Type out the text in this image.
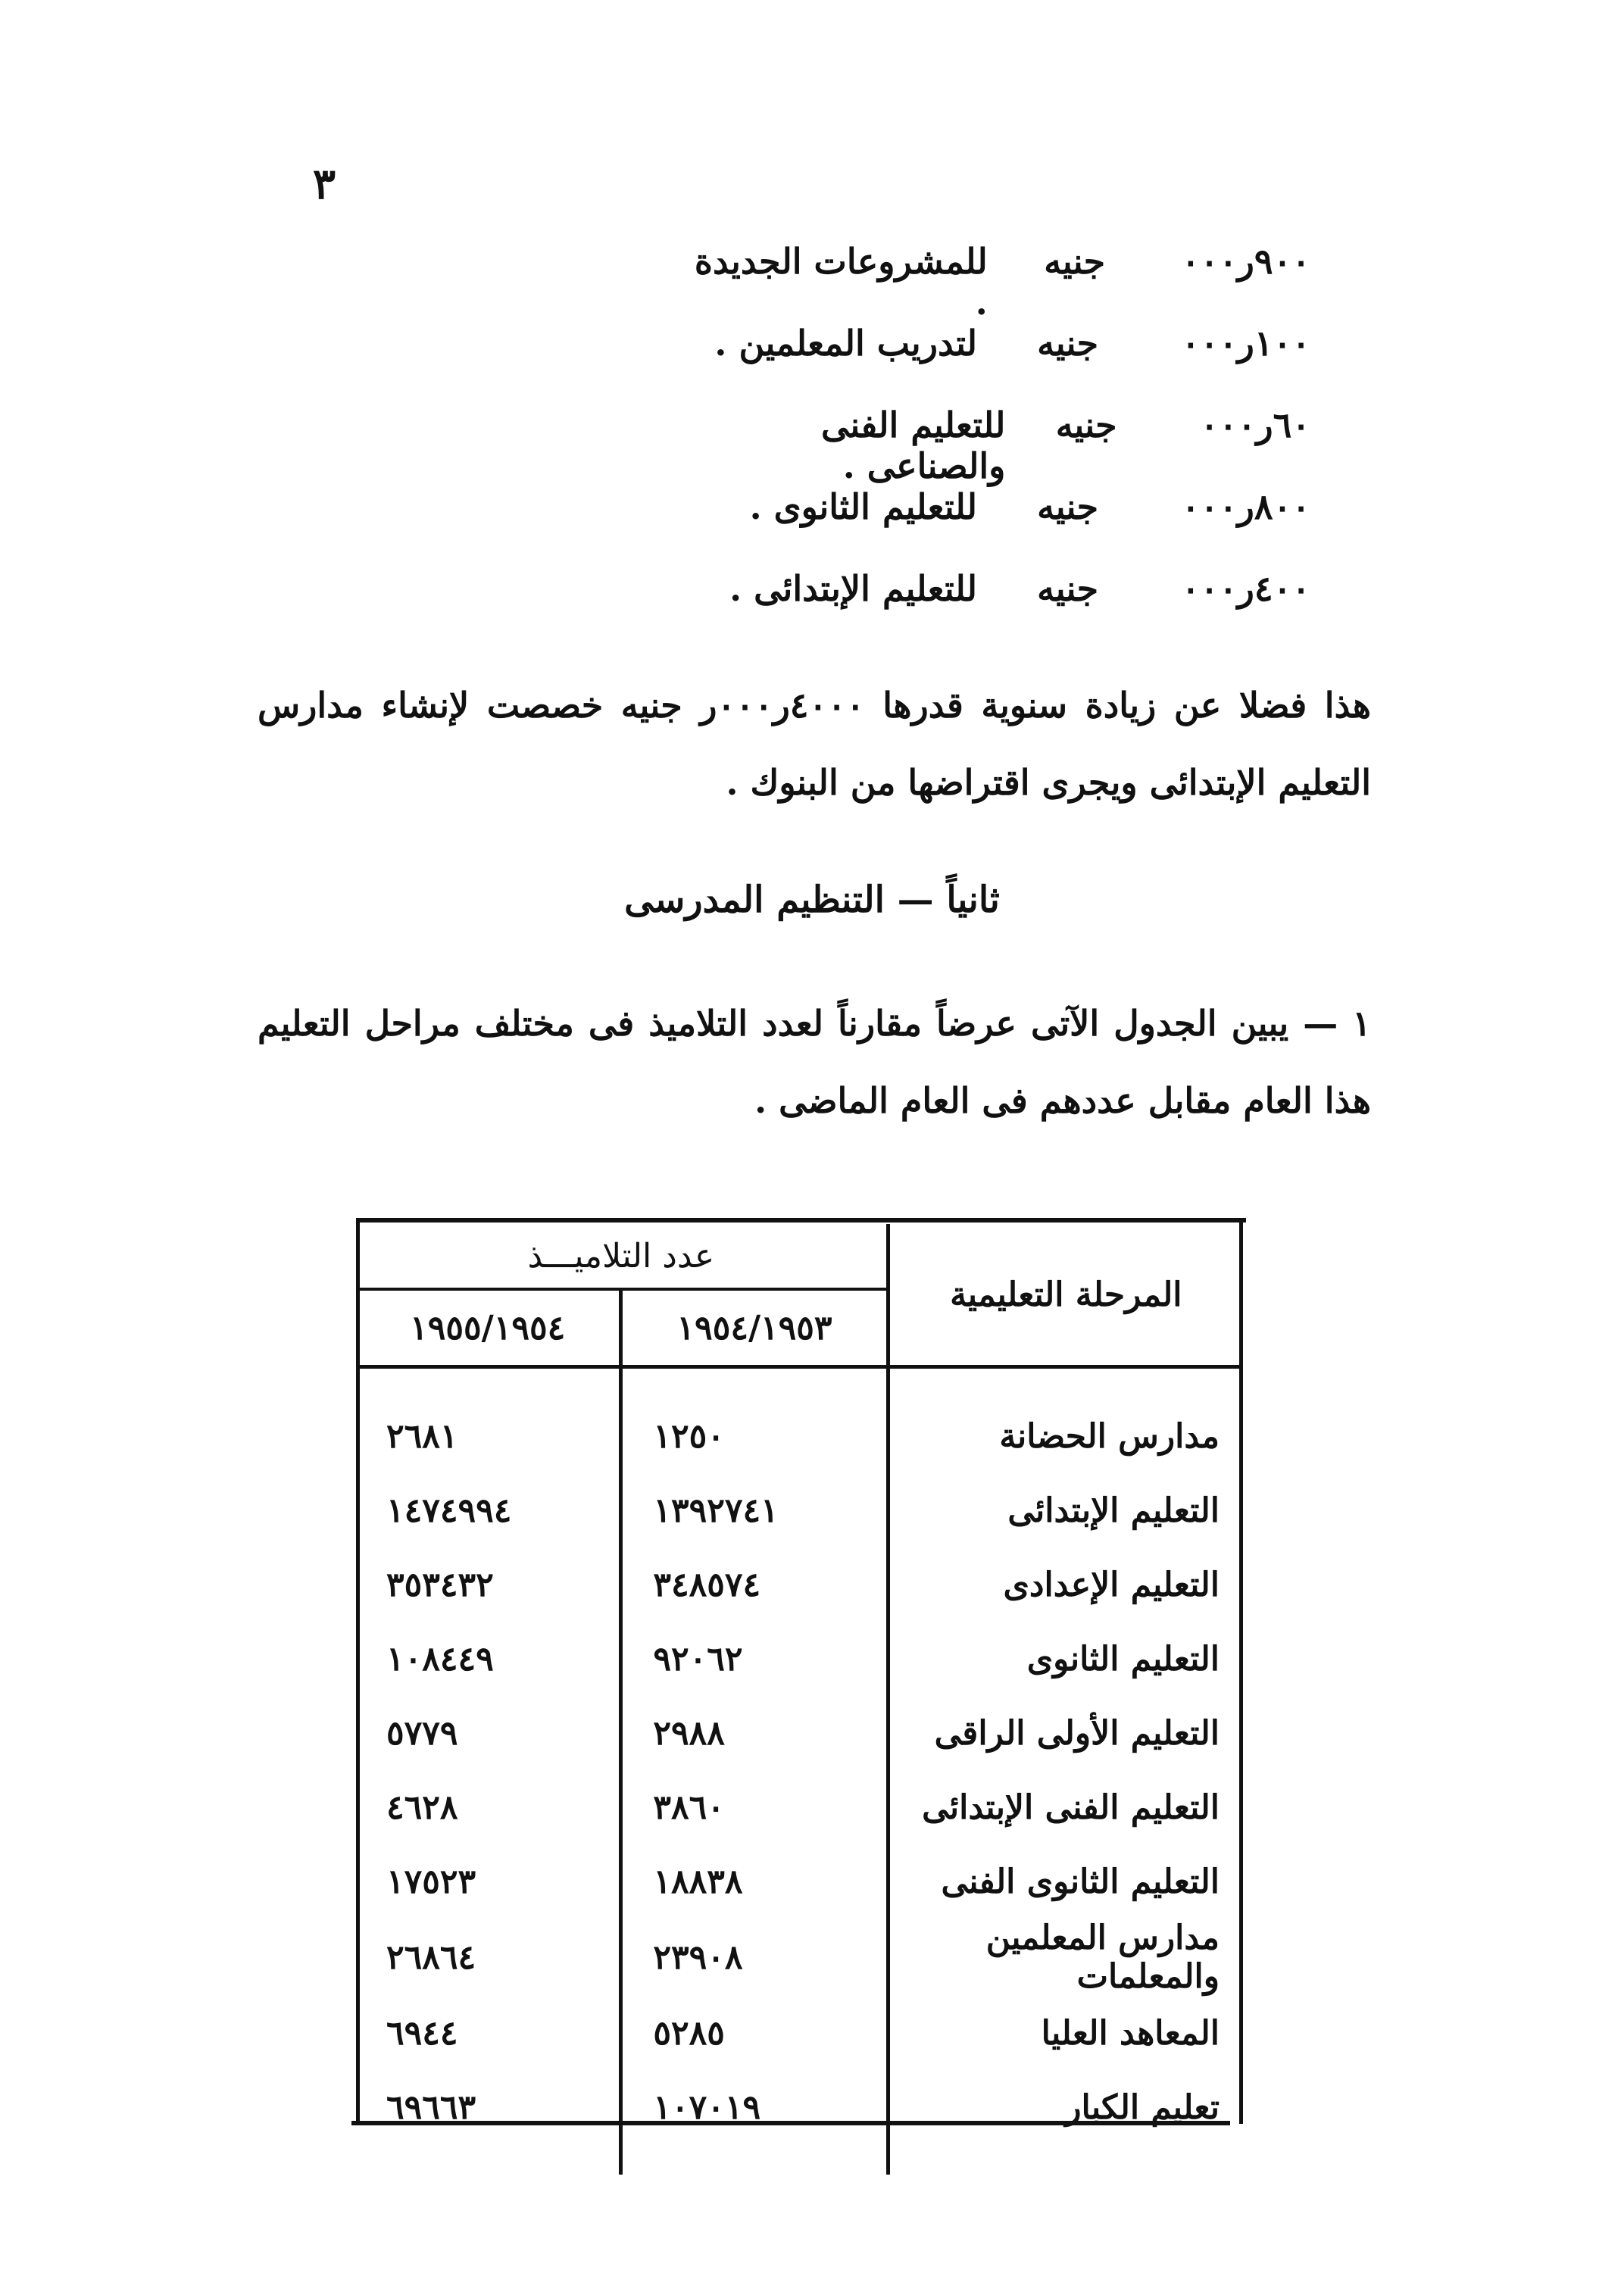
٣
٩٠٠ر٠٠٠
جنيه
للمشروعات الجديدة .
١٠٠ر٠٠٠
جنيه
لتدريب المعلمين .
٦٠ر٠٠٠
جنيه
للتعليم الفنى والصناعى .
٨٠٠ر٠٠٠
جنيه
للتعليم الثانوى .
٤٠٠ر٠٠٠
جنيه
للتعليم الإبتدائى .

هذا فضلا عن زيادة سنوية قدرها ٤٠٠٠ر٠٠٠ر جنيه خصصت لإنشاء مدارس التعليم الإبتدائى ويجرى اقتراضها من البنوك .

ثانياً — التنظيم المدرسى

١ — يبين الجدول الآتى عرضاً مقارناً لعدد التلاميذ فى مختلف مراحل التعليم هذا العام مقابل عددهم فى العام الماضى .

المرحلة التعليمية	عدد التلاميـــذ	
	١٩٥٤/١٩٥٣	١٩٥٥/١٩٥٤
مدارس الحضانة	١٢٥٠	٢٦٨١
التعليم الإبتدائى	١٣٩٢٧٤١	١٤٧٤٩٩٤
التعليم الإعدادى	٣٤٨٥٧٤	٣٥٣٤٣٢
التعليم الثانوى	٩٢٠٦٢	١٠٨٤٤٩
التعليم الأولى الراقى	٢٩٨٨	٥٧٧٩
التعليم الفنى الإبتدائى	٣٨٦٠	٤٦٢٨
التعليم الثانوى الفنى	١٨٨٣٨	١٧٥٢٣
مدارس المعلمين والمعلمات	٢٣٩٠٨	٢٦٨٦٤
المعاهد العليا	٥٢٨٥	٦٩٤٤
تعليم الكبار	١٠٧٠١٩	٦٩٦٦٣
